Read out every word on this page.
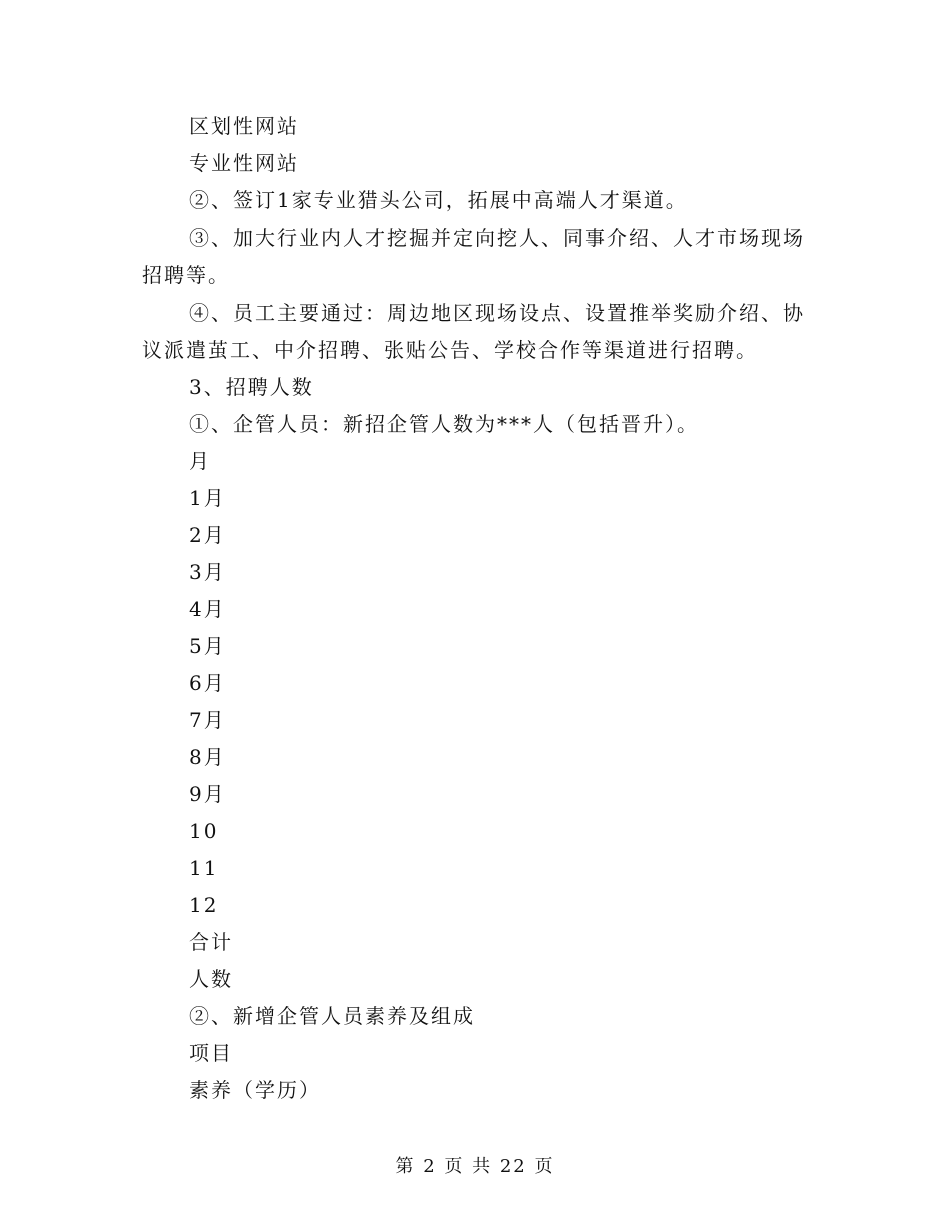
区划性网站
专业性网站
②、签订1家专业猎头公司，拓展中高端人才渠道。
③、加大行业内人才挖掘并定向挖人、同事介绍、人才市场现场
招聘等。
④、员工主要通过：周边地区现场设点、设置推举奖励介绍、协
议派遣茧工、中介招聘、张贴公告、学校合作等渠道进行招聘。
3、招聘人数
①、企管人员：新招企管人数为***人（包括晋升）。
月
1月
2月
3月
4月
5月
6月
7月
8月
9月
10
11
12
合计
人数
②、新增企管人员素养及组成
项目
素养（学历）
第 2 页 共 22 页
